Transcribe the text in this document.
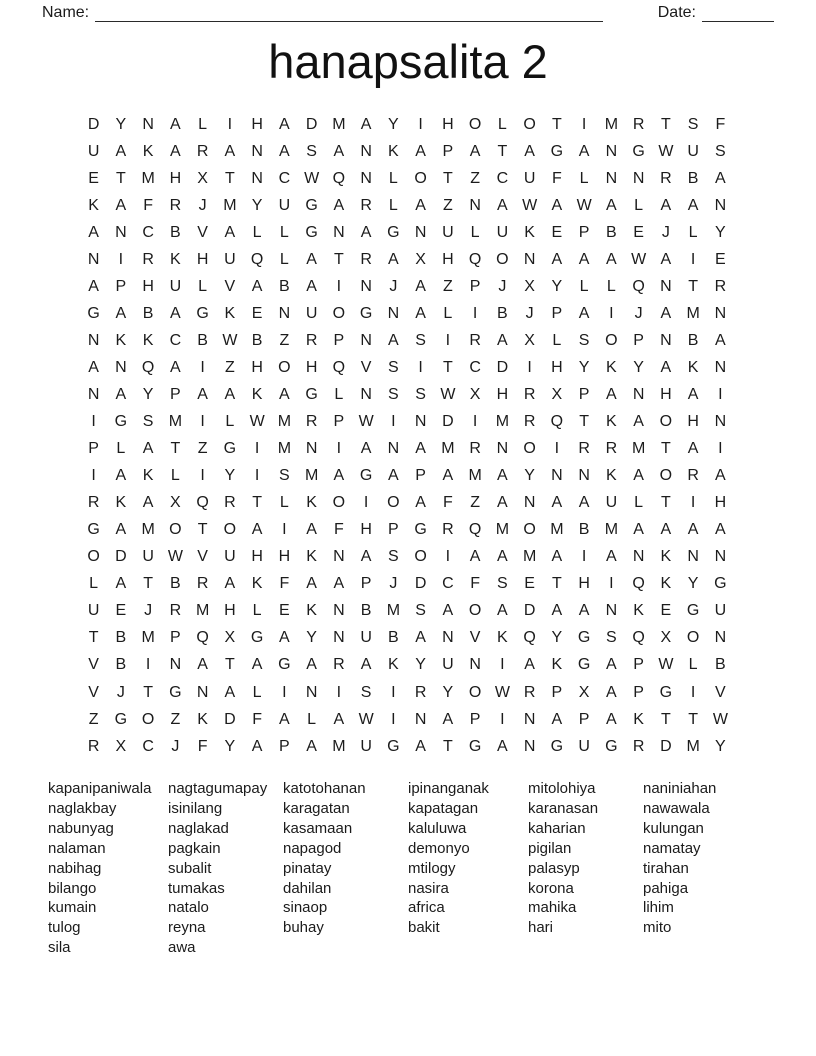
Name:	Date:
hanapsalita 2
D	Y	N	A	L	I	H	A	D M A	Y	I	H O	L	O	T	I	M R	T	S	F
U	A	K	A	R	A	N	A	S	A	N	K	A	P	A	T	A G A	N G W U	S
E	T M H	X	T	N C W Q N	L	O	T	Z	C U	F	L	N N R	B	A
K	A	F	R	J	M Y	U G A	R	L	A	Z	N	A W A W A	L	A	A	N
A	N C	B	V	A	L	L	G N	A G N U	L	U	K	E	P	B	E	J	L	Y
N	I	R	K	H U Q	L	A	T	R	A	X	H Q O N	A	A	A W A	I	E
A	P	H U	L	V	A	B	A	I	N	J	A	Z	P	J	X	Y	L	L	Q N	T	R
G A	B	A G K	E	N U O G N	A	L	I	B	J	P	A	I	J	A M N
N	K	K	C	B W B	Z	R	P	N	A	S	I	R	A	X	L	S O P	N	B	A
A	N Q A	I	Z	H O H Q V	S	I	T	C D	I	H	Y	K	Y	A	K	N
N	A	Y	P	A	A	K	A G	L	N	S	S W X	H R	X	P	A	N H	A	I
I	G S M	I	L W M R	P W	I	N D	I	M R Q	T	K	A O H N
P	L	A	T	Z	G	I	M N	I	A	N	A M R N O	I	R R M T	A	I
I	A	K	L	I	Y	I	S M A G A	P	A M A	Y	N N	K	A O R	A
R	K	A	X Q R	T	L	K O	I	O A	F	Z	A	N	A	A	U	L	T	I	H
G A M O	T	O A	I	A	F	H	P G R Q M O M B M A	A	A	A
O D U W V	U H H	K	N	A	S O	I	A	A M A	I	A	N	K	N N
L	A	T	B	R	A	K	F	A	A	P	J	D C	F	S	E	T	H	I	Q K	Y G
U	E	J	R M H	L	E	K	N	B M S	A O A	D	A	A	N	K	E G U
T	B M P Q X G A	Y	N U	B	A	N	V	K Q Y G S Q X O N
V	B	I	N	A	T	A G A	R	A	K	Y	U N	I	A	K G A	P W L	B
V	J	T	G N	A	L	I	N	I	S	I	R	Y O W R	P	X	A	P G	I	V
Z	G O	Z	K	D	F	A	L	A W	I	N	A	P	I	N	A	P	A	K	T	T W
R	X	C	J	F	Y	A	P	A M U G A	T	G A	N G U G R D M Y
kapanipaniwala
naglakbay
nabunyag
nalaman
nabihag
bilango
kumain
tulog
sila
nagtagumapay
isinilang
naglakad
pagkain
subalit
tumakas
natalo
reyna
awa
katotohanan
karagatan
kasamaan
napagod
pinatay
dahilan
sinaop
buhay
ipinanganak
kapatagan
kaluluwa
demonyo
mtilogy
nasira
africa
bakit
mitolohiya
karanasan
kaharian
pigilan
palasyp
korona
mahika
hari
naniniahan
nawawala
kulungan
namatay
tirahan
pahiga
lihim
mito
